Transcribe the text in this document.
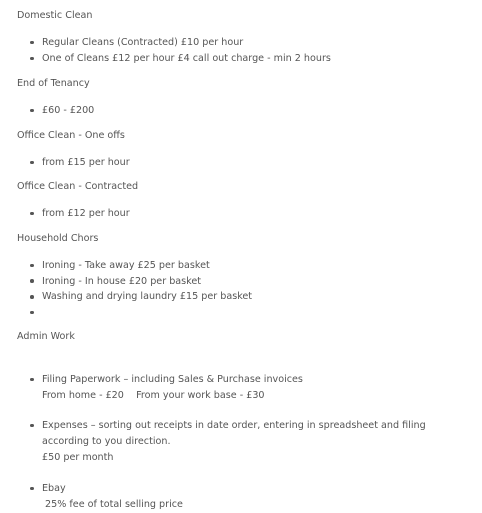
Domestic Clean
Regular Cleans (Contracted) £10 per hour
One of Cleans £12 per hour £4 call out charge - min 2 hours
End of Tenancy
£60 - £200
Office Clean - One offs
from £15 per hour
Office Clean - Contracted
from £12 per hour
Household Chors
Ironing - Take away £25 per basket
Ironing - In house £20 per basket
Washing and drying laundry £15 per basket
Admin Work
Filing Paperwork – including Sales & Purchase invoices
From home - £20    From your work base - £30
Expenses – sorting out receipts in date order, entering in spreadsheet and filing according to you direction.
£50 per month
Ebay
25% fee of total selling price
